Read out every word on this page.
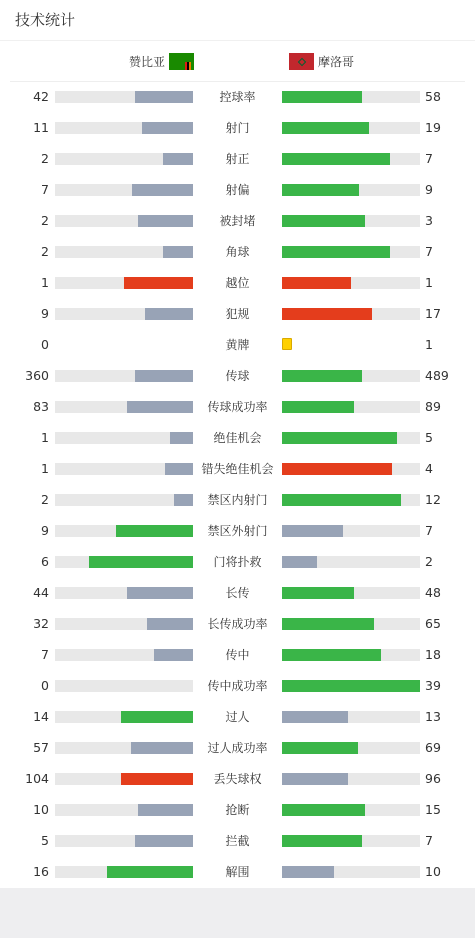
技术统计
赞比亚	摩洛哥
42	控球率	58
11	射门	19
2	射正	7
7	射偏	9
2	被封堵	3
2	角球	7
1	越位	1
9	犯规	17
0	黄牌	1
360	传球	489
83	传球成功率	89
1	绝佳机会	5
1	错失绝佳机会	4
2	禁区内射门	12
9	禁区外射门	7
6	门将扑救	2
44	长传	48
32	长传成功率	65
7	传中	18
0	传中成功率	39
14	过人	13
57	过人成功率	69
104	丢失球权	96
10	抢断	15
5	拦截	7
16	解围	10
